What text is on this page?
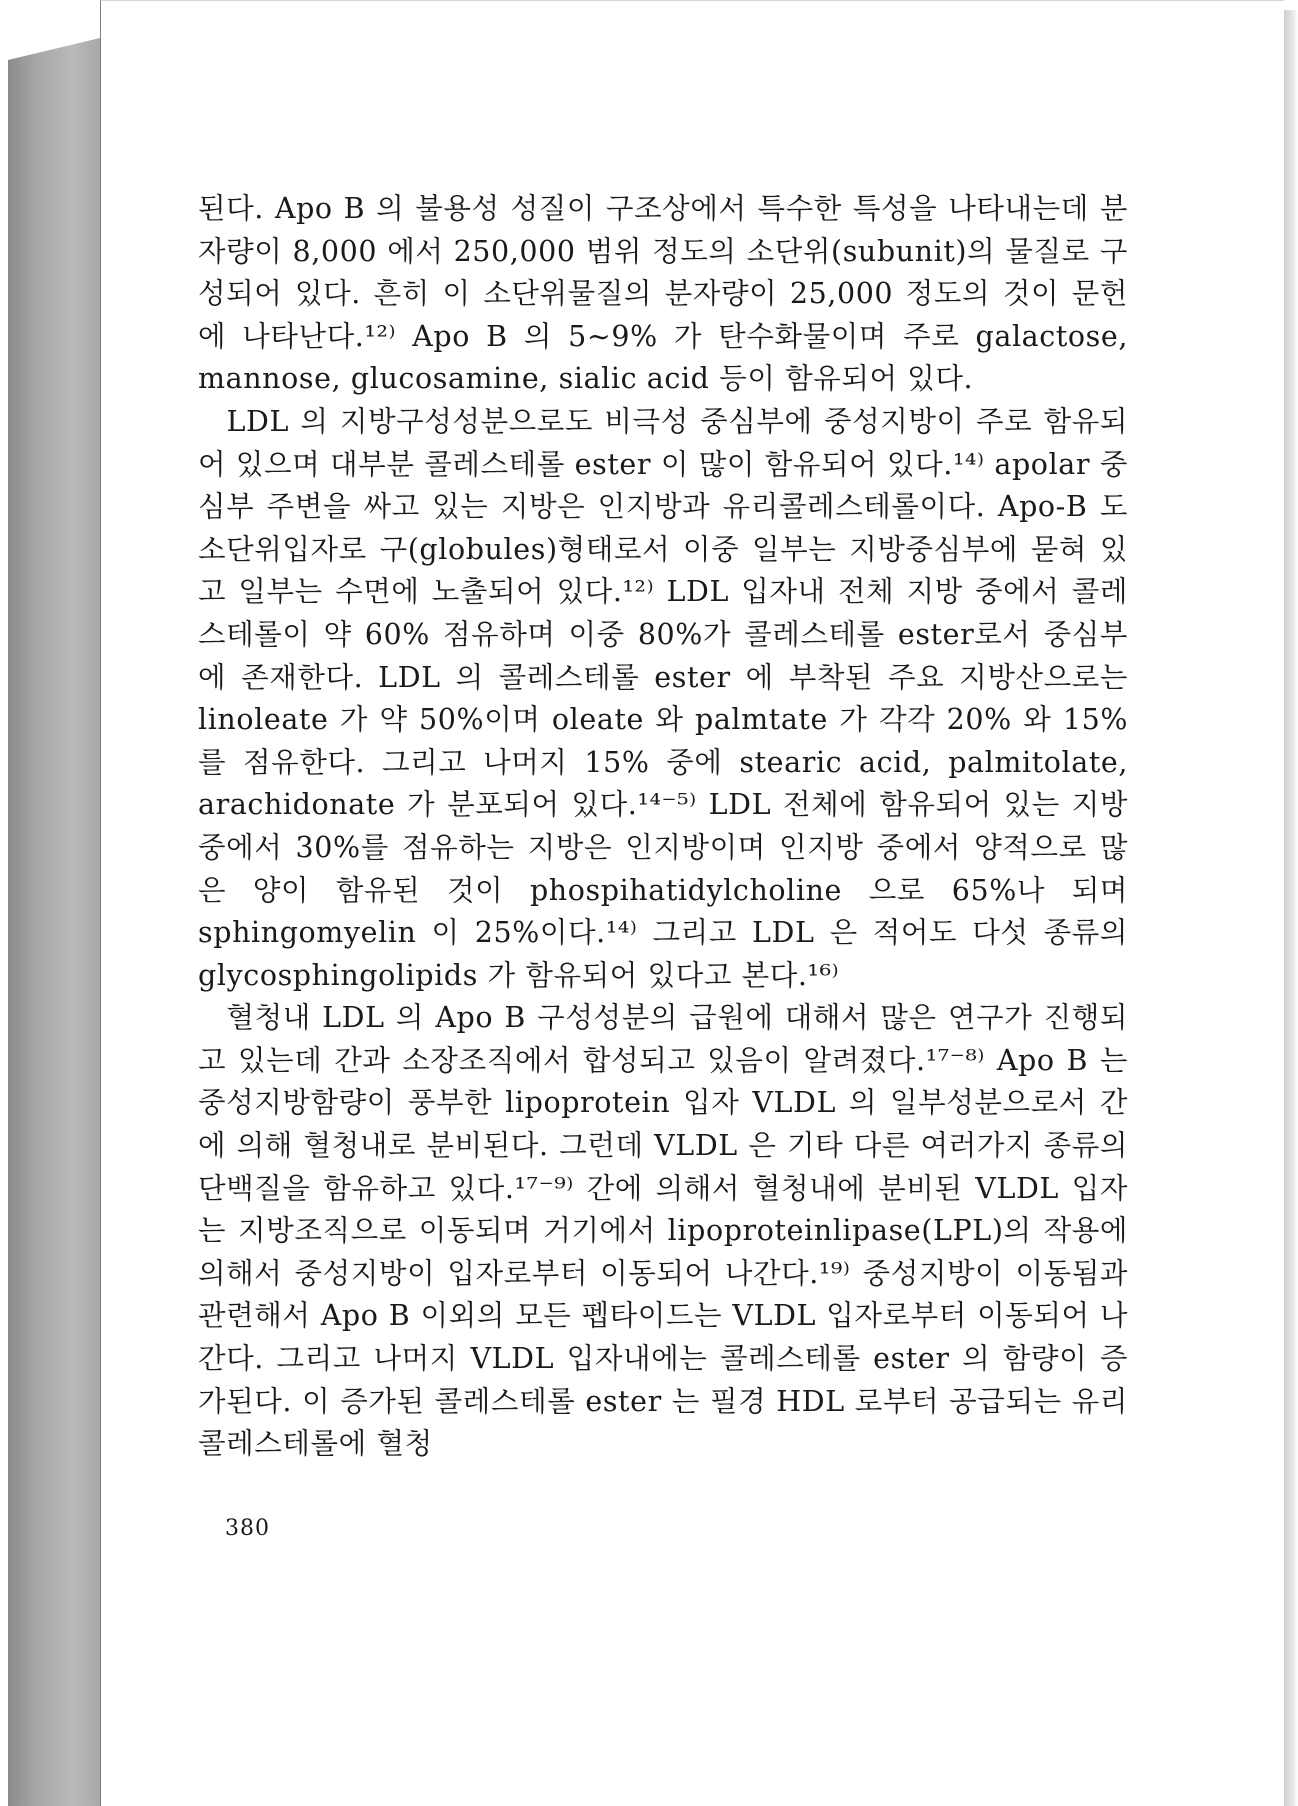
된다. Apo B 의 불용성 성질이 구조상에서 특수한 특성을 나타내는데 분자량이 8,000 에서 250,000 범위 정도의 소단위(subunit)의 물질로 구성되어 있다. 흔히 이 소단위물질의 분자량이 25,000 정도의 것이 문헌에 나타난다.¹²⁾ Apo B 의 5∼9% 가 탄수화물이며 주로 galactose, mannose, glucosamine, sialic acid 등이 함유되어 있다.

LDL 의 지방구성성분으로도 비극성 중심부에 중성지방이 주로 함유되어 있으며 대부분 콜레스테롤 ester 이 많이 함유되어 있다.¹⁴⁾ apolar 중심부 주변을 싸고 있는 지방은 인지방과 유리콜레스테롤이다. Apo-B 도 소단위입자로 구(globules)형태로서 이중 일부는 지방중심부에 묻혀 있고 일부는 수면에 노출되어 있다.¹²⁾ LDL 입자내 전체 지방 중에서 콜레스테롤이 약 60% 점유하며 이중 80%가 콜레스테롤 ester로서 중심부에 존재한다. LDL 의 콜레스테롤 ester 에 부착된 주요 지방산으로는 linoleate 가 약 50%이며 oleate 와 palmtate 가 각각 20% 와 15% 를 점유한다. 그리고 나머지 15% 중에 stearic acid, palmitolate, arachidonate 가 분포되어 있다.¹⁴⁻⁵⁾ LDL 전체에 함유되어 있는 지방 중에서 30%를 점유하는 지방은 인지방이며 인지방 중에서 양적으로 많은 양이 함유된 것이 phospihatidylcholine 으로 65%나 되며 sphingomyelin 이 25%이다.¹⁴⁾ 그리고 LDL 은 적어도 다섯 종류의 glycosphingolipids 가 함유되어 있다고 본다.¹⁶⁾

혈청내 LDL 의 Apo B 구성성분의 급원에 대해서 많은 연구가 진행되고 있는데 간과 소장조직에서 합성되고 있음이 알려졌다.¹⁷⁻⁸⁾ Apo B 는 중성지방함량이 풍부한 lipoprotein 입자 VLDL 의 일부성분으로서 간에 의해 혈청내로 분비된다. 그런데 VLDL 은 기타 다른 여러가지 종류의 단백질을 함유하고 있다.¹⁷⁻⁹⁾ 간에 의해서 혈청내에 분비된 VLDL 입자는 지방조직으로 이동되며 거기에서 lipoproteinlipase(LPL)의 작용에 의해서 중성지방이 입자로부터 이동되어 나간다.¹⁹⁾ 중성지방이 이동됨과 관련해서 Apo B 이외의 모든 펩타이드는 VLDL 입자로부터 이동되어 나간다. 그리고 나머지 VLDL 입자내에는 콜레스테롤 ester 의 함량이 증가된다. 이 증가된 콜레스테롤 ester 는 필경 HDL 로부터 공급되는 유리콜레스테롤에 혈청

380
